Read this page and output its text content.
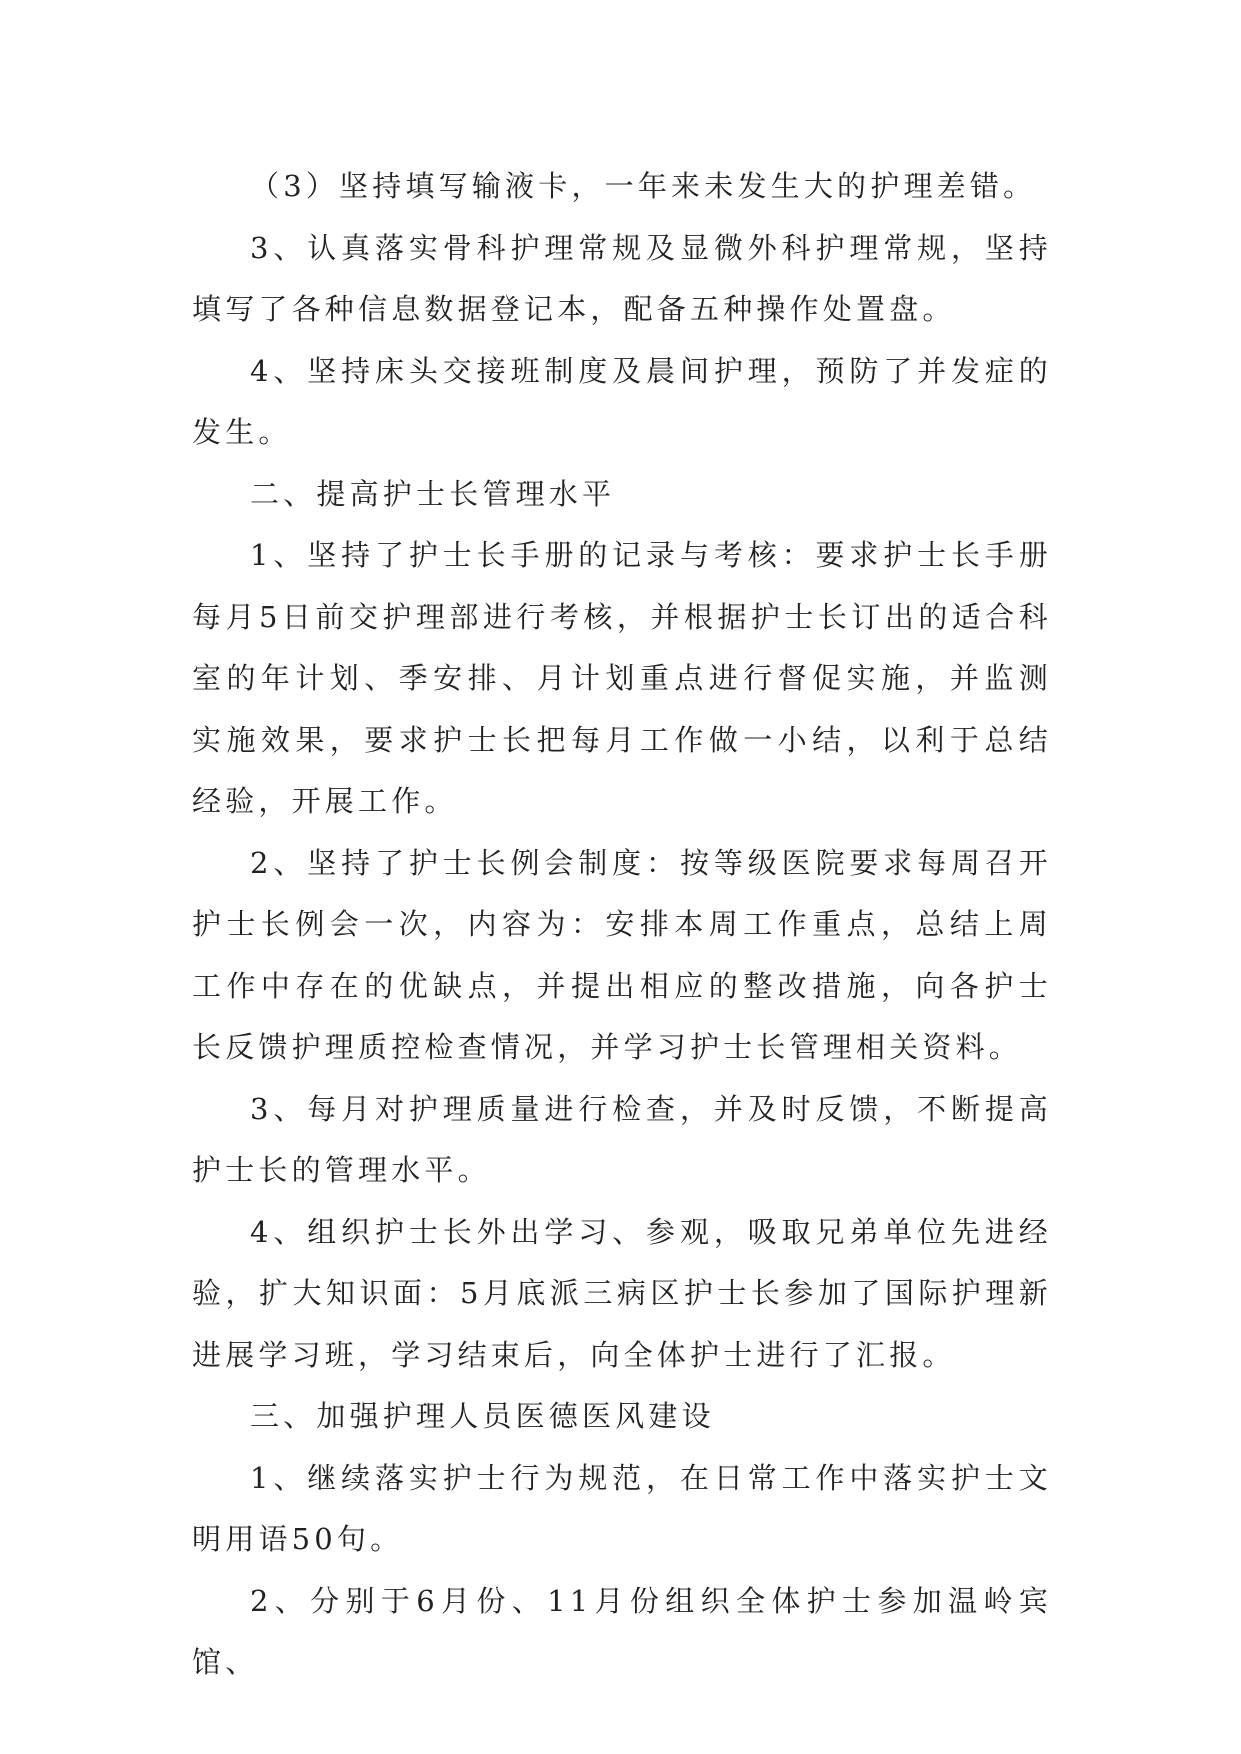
（3）坚持填写输液卡，一年来未发生大的护理差错。

3、认真落实骨科护理常规及显微外科护理常规，坚持填写了各种信息数据登记本，配备五种操作处置盘。

4、坚持床头交接班制度及晨间护理，预防了并发症的发生。

二、提高护士长管理水平

1、坚持了护士长手册的记录与考核：要求护士长手册每月5日前交护理部进行考核，并根据护士长订出的适合科室的年计划、季安排、月计划重点进行督促实施，并监测实施效果，要求护士长把每月工作做一小结，以利于总结经验，开展工作。

2、坚持了护士长例会制度：按等级医院要求每周召开护士长例会一次，内容为：安排本周工作重点，总结上周工作中存在的优缺点，并提出相应的整改措施，向各护士长反馈护理质控检查情况，并学习护士长管理相关资料。

3、每月对护理质量进行检查，并及时反馈，不断提高护士长的管理水平。

4、组织护士长外出学习、参观，吸取兄弟单位先进经验，扩大知识面：5月底派三病区护士长参加了国际护理新进展学习班，学习结束后，向全体护士进行了汇报。

三、加强护理人员医德医风建设

1、继续落实护士行为规范，在日常工作中落实护士文明用语50句。

2、分别于6月份、11月份组织全体护士参加温岭宾馆、
